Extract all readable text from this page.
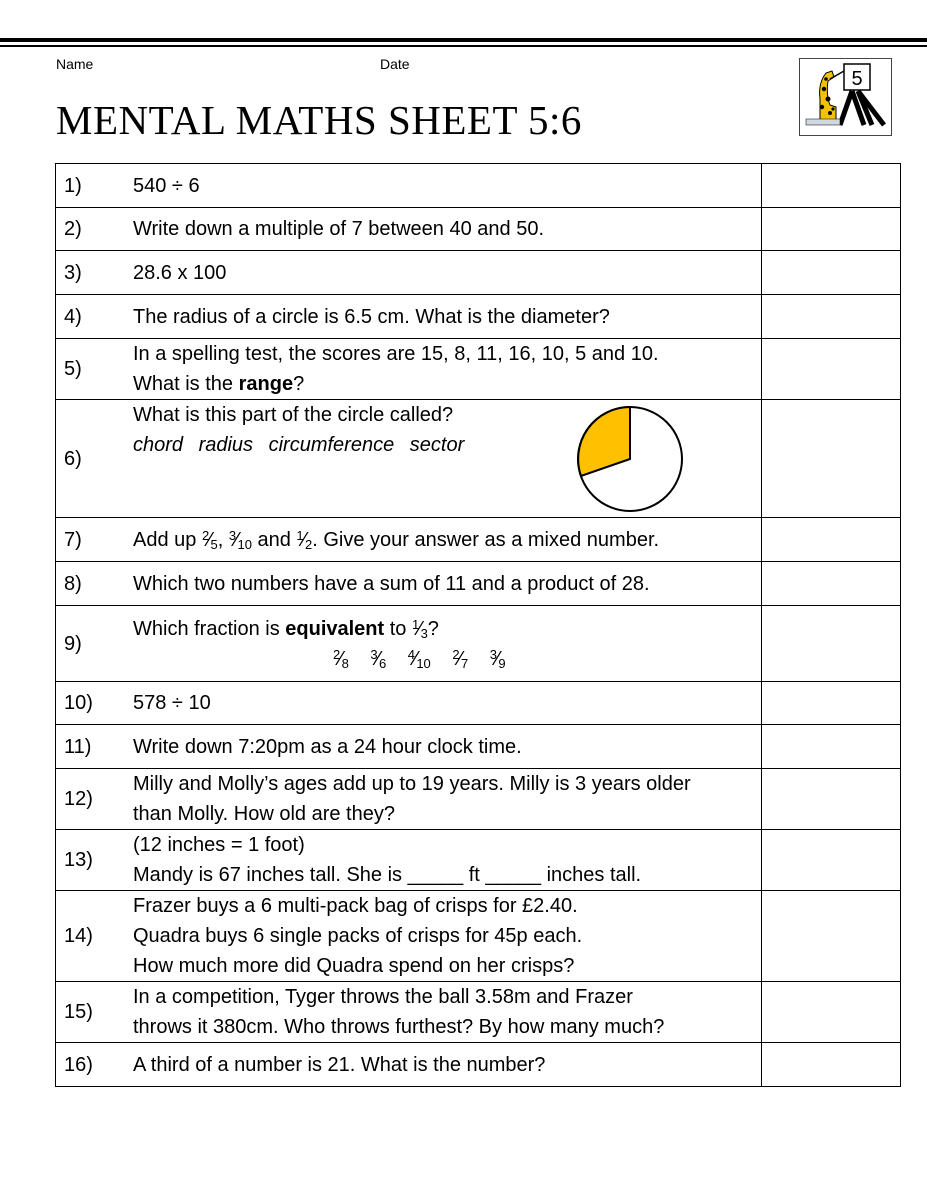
Name	Date
MENTAL MATHS SHEET 5:6
5
1)	540 ÷ 6	

2)	Write down a multiple of 7 between 40 and 50.	

3)	28.6 x 100	

4)	The radius of a circle is 6.5 cm. What is the diameter?	

5)	In a spelling test, the scores are 15, 8, 11, 16, 10, 5 and 10.
What is the range?	

6)	What is this part of the circle called?
chord radius circumference sector	

7)	Add up $^2⁄_5$, $^3⁄_{10}$ and $^1⁄_2$. Give your answer as a mixed number.	

8)	Which two numbers have a sum of 11 and a product of 28.	

9)	Which fraction is equivalent to $^1⁄_3$?
$^2⁄_8$ $^3⁄_6$ $^4⁄_{10}$ $^2⁄_7$ $^3⁄_9$

10)	578 ÷ 10	

11)	Write down 7:20pm as a 24 hour clock time.	

12)	Milly and Molly’s ages add up to 19 years. Milly is 3 years older
than Molly. How old are they?	

13)	(12 inches = 1 foot)
Mandy is 67 inches tall. She is _____ ft _____ inches tall.	

14)	Frazer buys a 6 multi-pack bag of crisps for £2.40.
Quadra buys 6 single packs of crisps for 45p each.
How much more did Quadra spend on her crisps?	

15)	In a competition, Tyger throws the ball 3.58m and Frazer
throws it 380cm. Who throws furthest? By how many much?	

16)	A third of a number is 21. What is the number?	
